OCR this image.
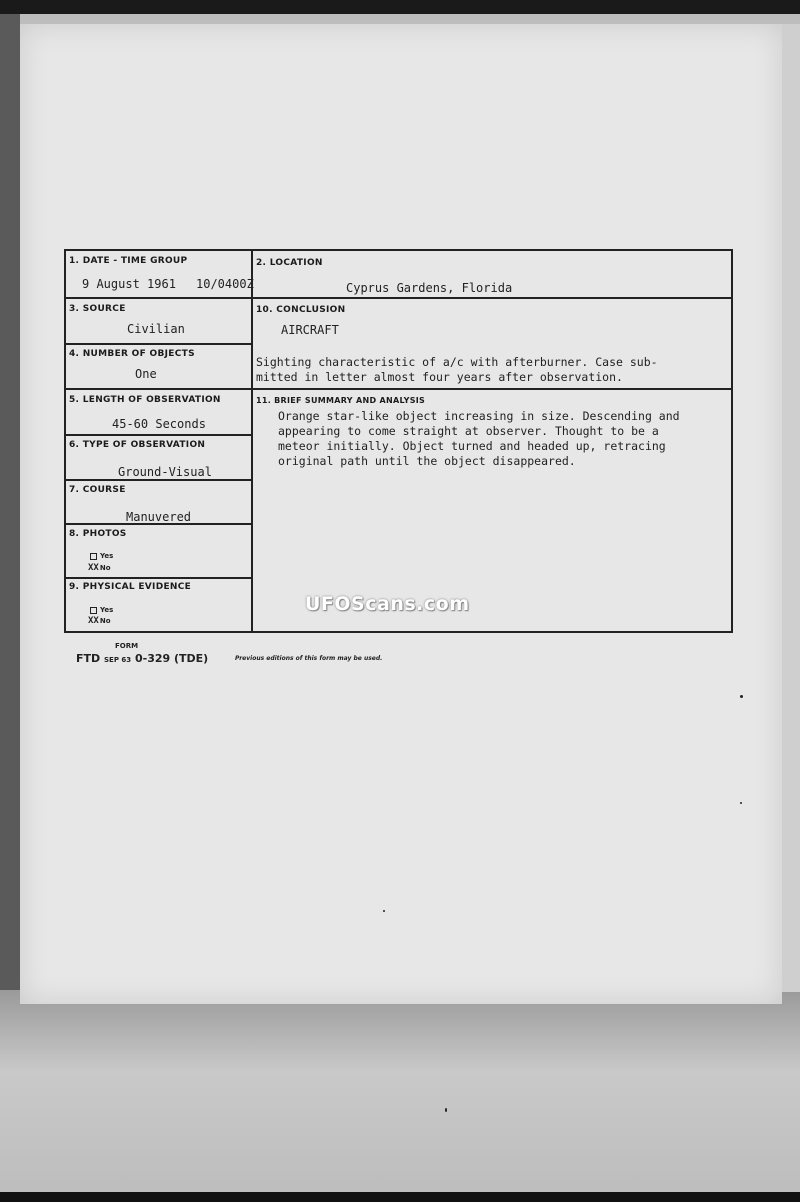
1. DATE - TIME GROUP
9 August 1961 10/0400Z
2. LOCATION
Cyprus Gardens, Florida
3. SOURCE
Civilian
10. CONCLUSION
AIRCRAFT
Sighting characteristic of a/c with afterburner. Case sub-
mitted in letter almost four years after observation.
4. NUMBER OF OBJECTS
One
5. LENGTH OF OBSERVATION
45-60 Seconds
11. BRIEF SUMMARY AND ANALYSIS
Orange star-like object increasing in size. Descending and
appearing to come straight at observer. Thought to be a
meteor initially. Object turned and headed up, retracing
original path until the object disappeared.
6. TYPE OF OBSERVATION
Ground-Visual
7. COURSE
Manuvered
8. PHOTOS
Yes
XXNo
9. PHYSICAL EVIDENCE
Yes
XXNo
UFOScans.com
FORM
FTD SEP 63 0-329 (TDE)	Previous editions of this form may be used.
